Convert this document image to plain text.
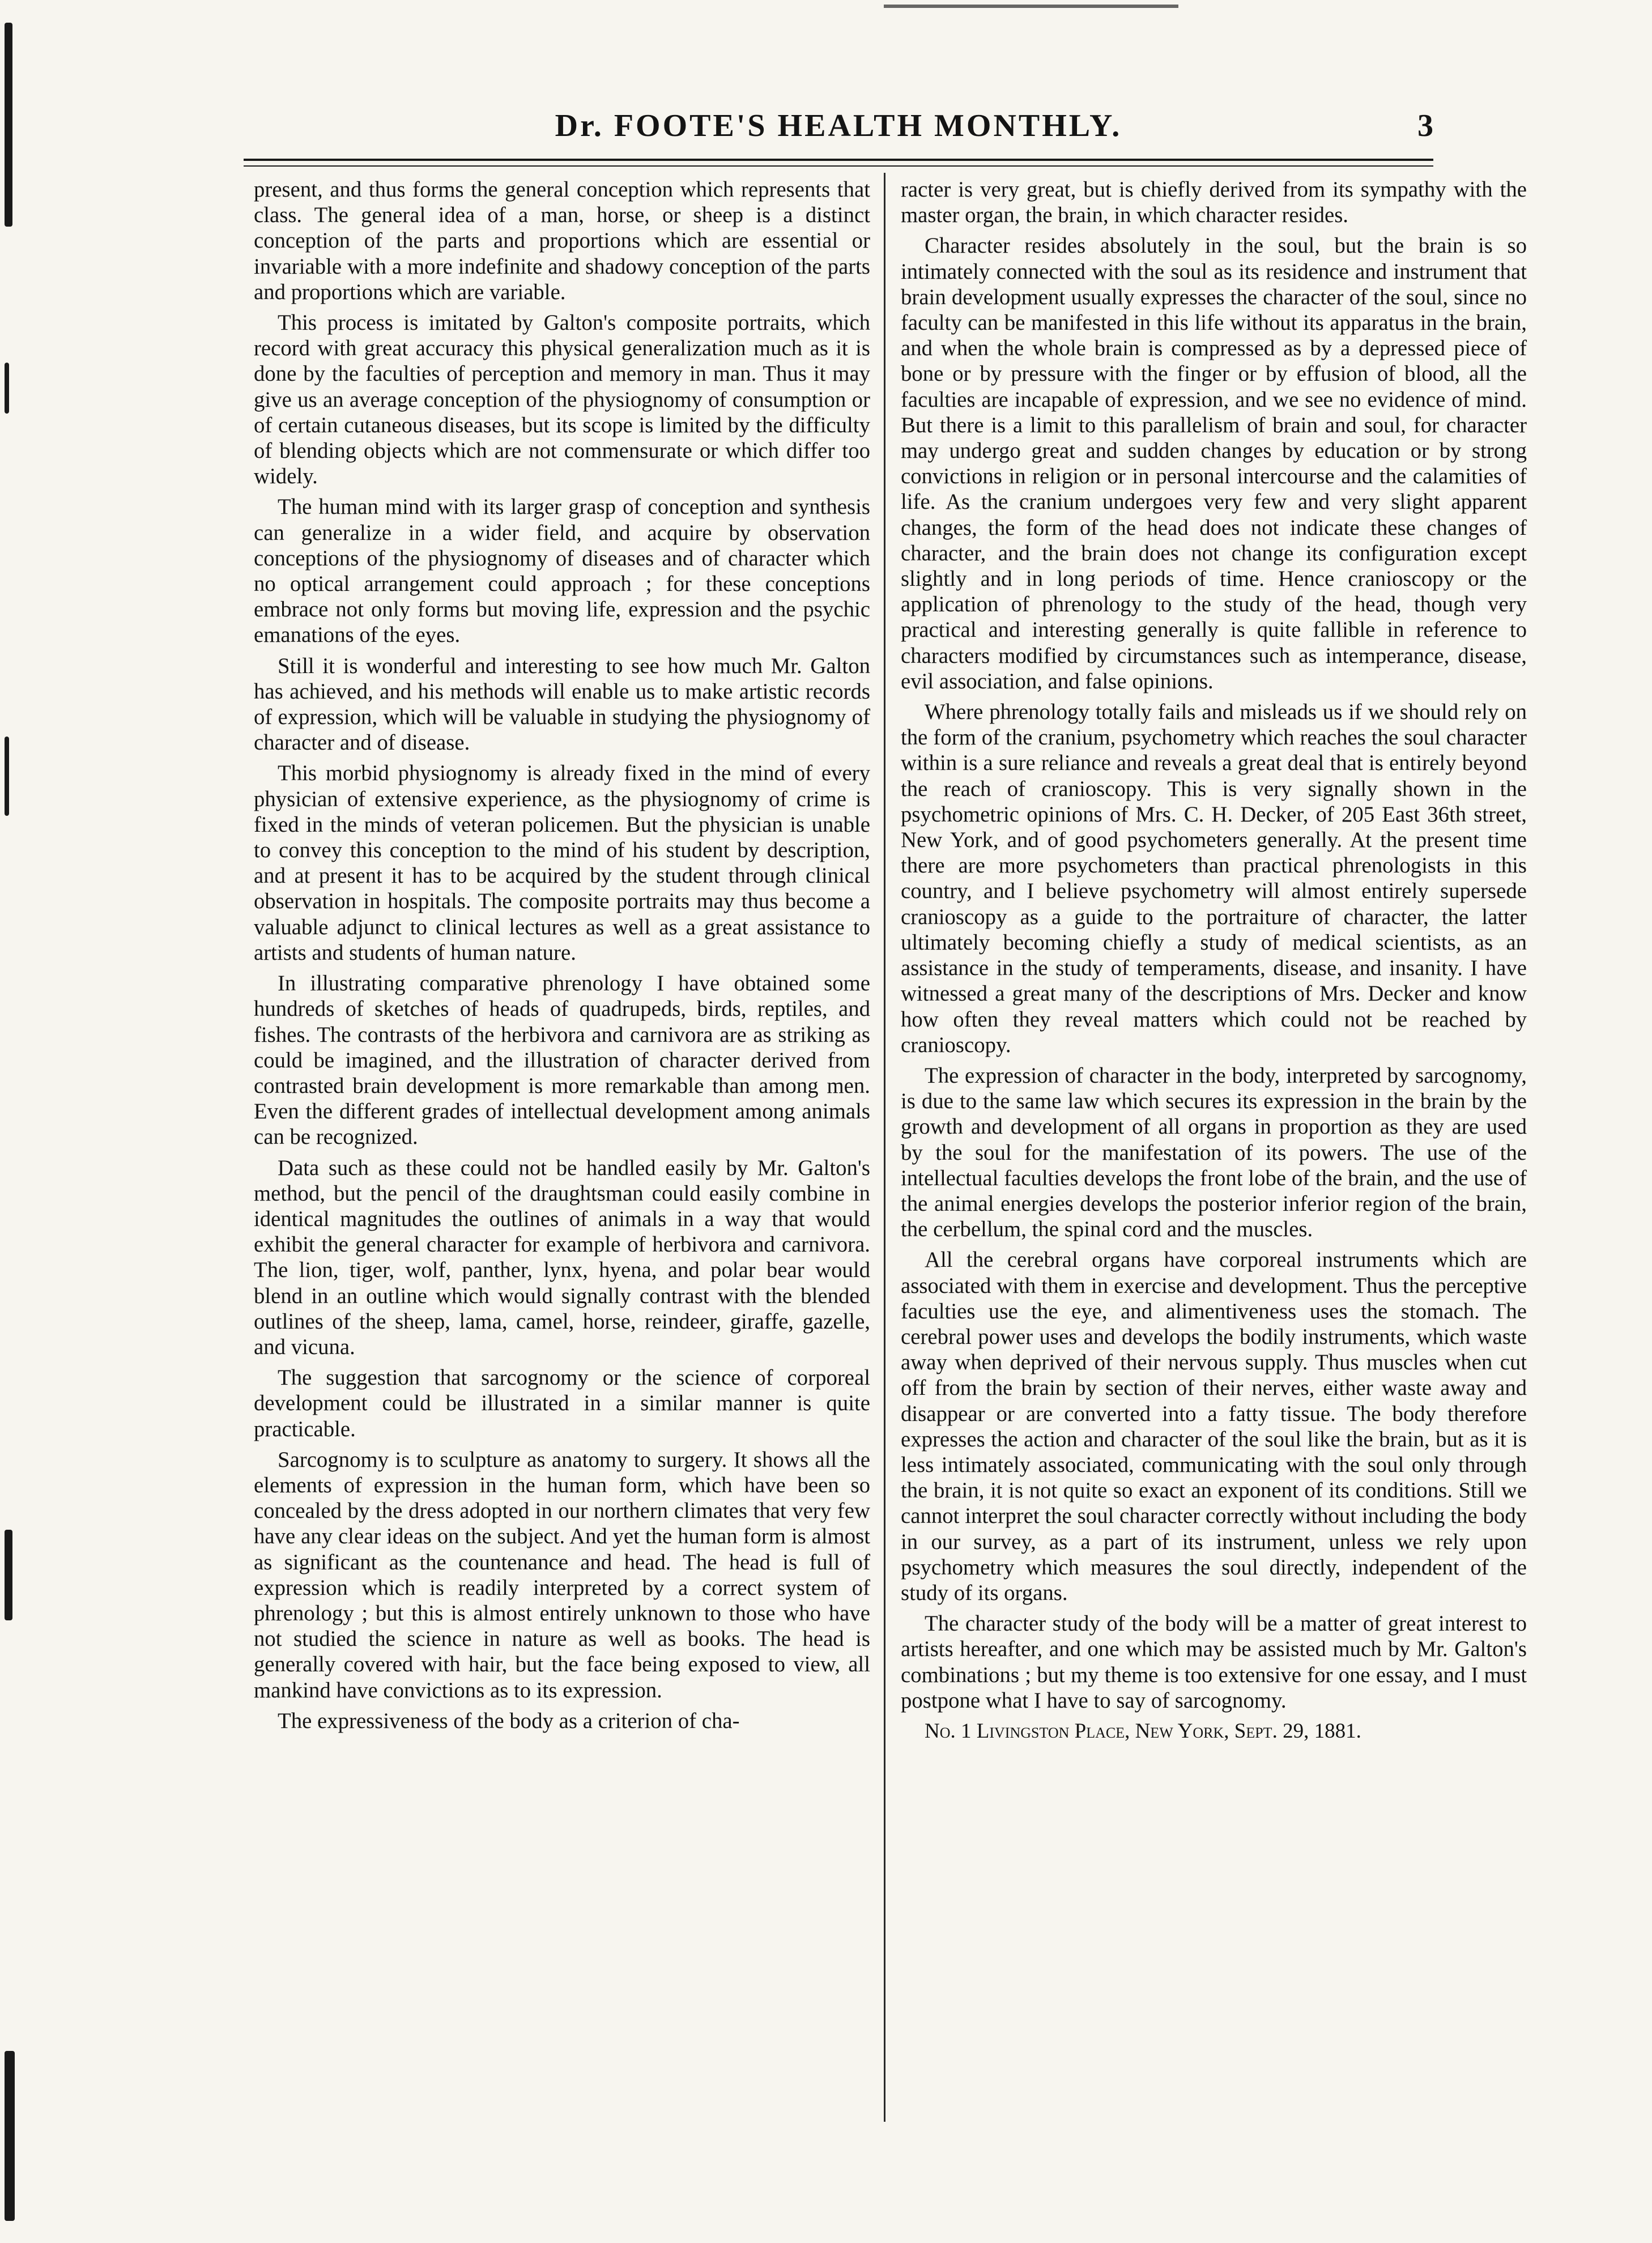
Dr. FOOTE'S HEALTH MONTHLY.	3

present, and thus forms the general conception which represents that class. The general idea of a man, horse, or sheep is a distinct conception of the parts and proportions which are essential or invariable with a more indefinite and shadowy conception of the parts and proportions which are variable.

This process is imitated by Galton's composite portraits, which record with great accuracy this physical generalization much as it is done by the faculties of perception and memory in man. Thus it may give us an average conception of the physiognomy of consumption or of certain cutaneous diseases, but its scope is limited by the difficulty of blending objects which are not commensurate or which differ too widely.

The human mind with its larger grasp of conception and synthesis can generalize in a wider field, and acquire by observation conceptions of the physiognomy of diseases and of character which no optical arrangement could approach ; for these conceptions embrace not only forms but moving life, expression and the psychic emanations of the eyes.

Still it is wonderful and interesting to see how much Mr. Galton has achieved, and his methods will enable us to make artistic records of expression, which will be valuable in studying the physiognomy of character and of disease.

This morbid physiognomy is already fixed in the mind of every physician of extensive experience, as the physiognomy of crime is fixed in the minds of veteran policemen. But the physician is unable to convey this conception to the mind of his student by description, and at present it has to be acquired by the student through clinical observation in hospitals. The composite portraits may thus become a valuable adjunct to clinical lectures as well as a great assistance to artists and students of human nature.

In illustrating comparative phrenology I have obtained some hundreds of sketches of heads of quadrupeds, birds, reptiles, and fishes. The contrasts of the herbivora and carnivora are as striking as could be imagined, and the illustration of character derived from contrasted brain development is more remarkable than among men. Even the different grades of intellectual development among animals can be recognized.

Data such as these could not be handled easily by Mr. Galton's method, but the pencil of the draughtsman could easily combine in identical magnitudes the outlines of animals in a way that would exhibit the general character for example of herbivora and carnivora. The lion, tiger, wolf, panther, lynx, hyena, and polar bear would blend in an outline which would signally contrast with the blended outlines of the sheep, lama, camel, horse, reindeer, giraffe, gazelle, and vicuna.

The suggestion that sarcognomy or the science of corporeal development could be illustrated in a similar manner is quite practicable.

Sarcognomy is to sculpture as anatomy to surgery. It shows all the elements of expression in the human form, which have been so concealed by the dress adopted in our northern climates that very few have any clear ideas on the subject. And yet the human form is almost as significant as the countenance and head. The head is full of expression which is readily interpreted by a correct system of phrenology ; but this is almost entirely unknown to those who have not studied the science in nature as well as books. The head is generally covered with hair, but the face being exposed to view, all mankind have convictions as to its expression.

The expressiveness of the body as a criterion of cha-

racter is very great, but is chiefly derived from its sympathy with the master organ, the brain, in which character resides.

Character resides absolutely in the soul, but the brain is so intimately connected with the soul as its residence and instrument that brain development usually expresses the character of the soul, since no faculty can be manifested in this life without its apparatus in the brain, and when the whole brain is compressed as by a depressed piece of bone or by pressure with the finger or by effusion of blood, all the faculties are incapable of expression, and we see no evidence of mind. But there is a limit to this parallelism of brain and soul, for character may undergo great and sudden changes by education or by strong convictions in religion or in personal intercourse and the calamities of life. As the cranium undergoes very few and very slight apparent changes, the form of the head does not indicate these changes of character, and the brain does not change its configuration except slightly and in long periods of time. Hence cranioscopy or the application of phrenology to the study of the head, though very practical and interesting generally is quite fallible in reference to characters modified by circumstances such as intemperance, disease, evil association, and false opinions.

Where phrenology totally fails and misleads us if we should rely on the form of the cranium, psychometry which reaches the soul character within is a sure reliance and reveals a great deal that is entirely beyond the reach of cranioscopy. This is very signally shown in the psychometric opinions of Mrs. C. H. Decker, of 205 East 36th street, New York, and of good psychometers generally. At the present time there are more psychometers than practical phrenologists in this country, and I believe psychometry will almost entirely supersede cranioscopy as a guide to the portraiture of character, the latter ultimately becoming chiefly a study of medical scientists, as an assistance in the study of temperaments, disease, and insanity. I have witnessed a great many of the descriptions of Mrs. Decker and know how often they reveal matters which could not be reached by cranioscopy.

The expression of character in the body, interpreted by sarcognomy, is due to the same law which secures its expression in the brain by the growth and development of all organs in proportion as they are used by the soul for the manifestation of its powers. The use of the intellectual faculties develops the front lobe of the brain, and the use of the animal energies develops the posterior inferior region of the brain, the cerbellum, the spinal cord and the muscles.

All the cerebral organs have corporeal instruments which are associated with them in exercise and development. Thus the perceptive faculties use the eye, and alimentiveness uses the stomach. The cerebral power uses and develops the bodily instruments, which waste away when deprived of their nervous supply. Thus muscles when cut off from the brain by section of their nerves, either waste away and disappear or are converted into a fatty tissue. The body therefore expresses the action and character of the soul like the brain, but as it is less intimately associated, communicating with the soul only through the brain, it is not quite so exact an exponent of its conditions. Still we cannot interpret the soul character correctly without including the body in our survey, as a part of its instrument, unless we rely upon psychometry which measures the soul directly, independent of the study of its organs.

The character study of the body will be a matter of great interest to artists hereafter, and one which may be assisted much by Mr. Galton's combinations ; but my theme is too extensive for one essay, and I must postpone what I have to say of sarcognomy.

No. 1 Livingston Place, New York, Sept. 29, 1881.
